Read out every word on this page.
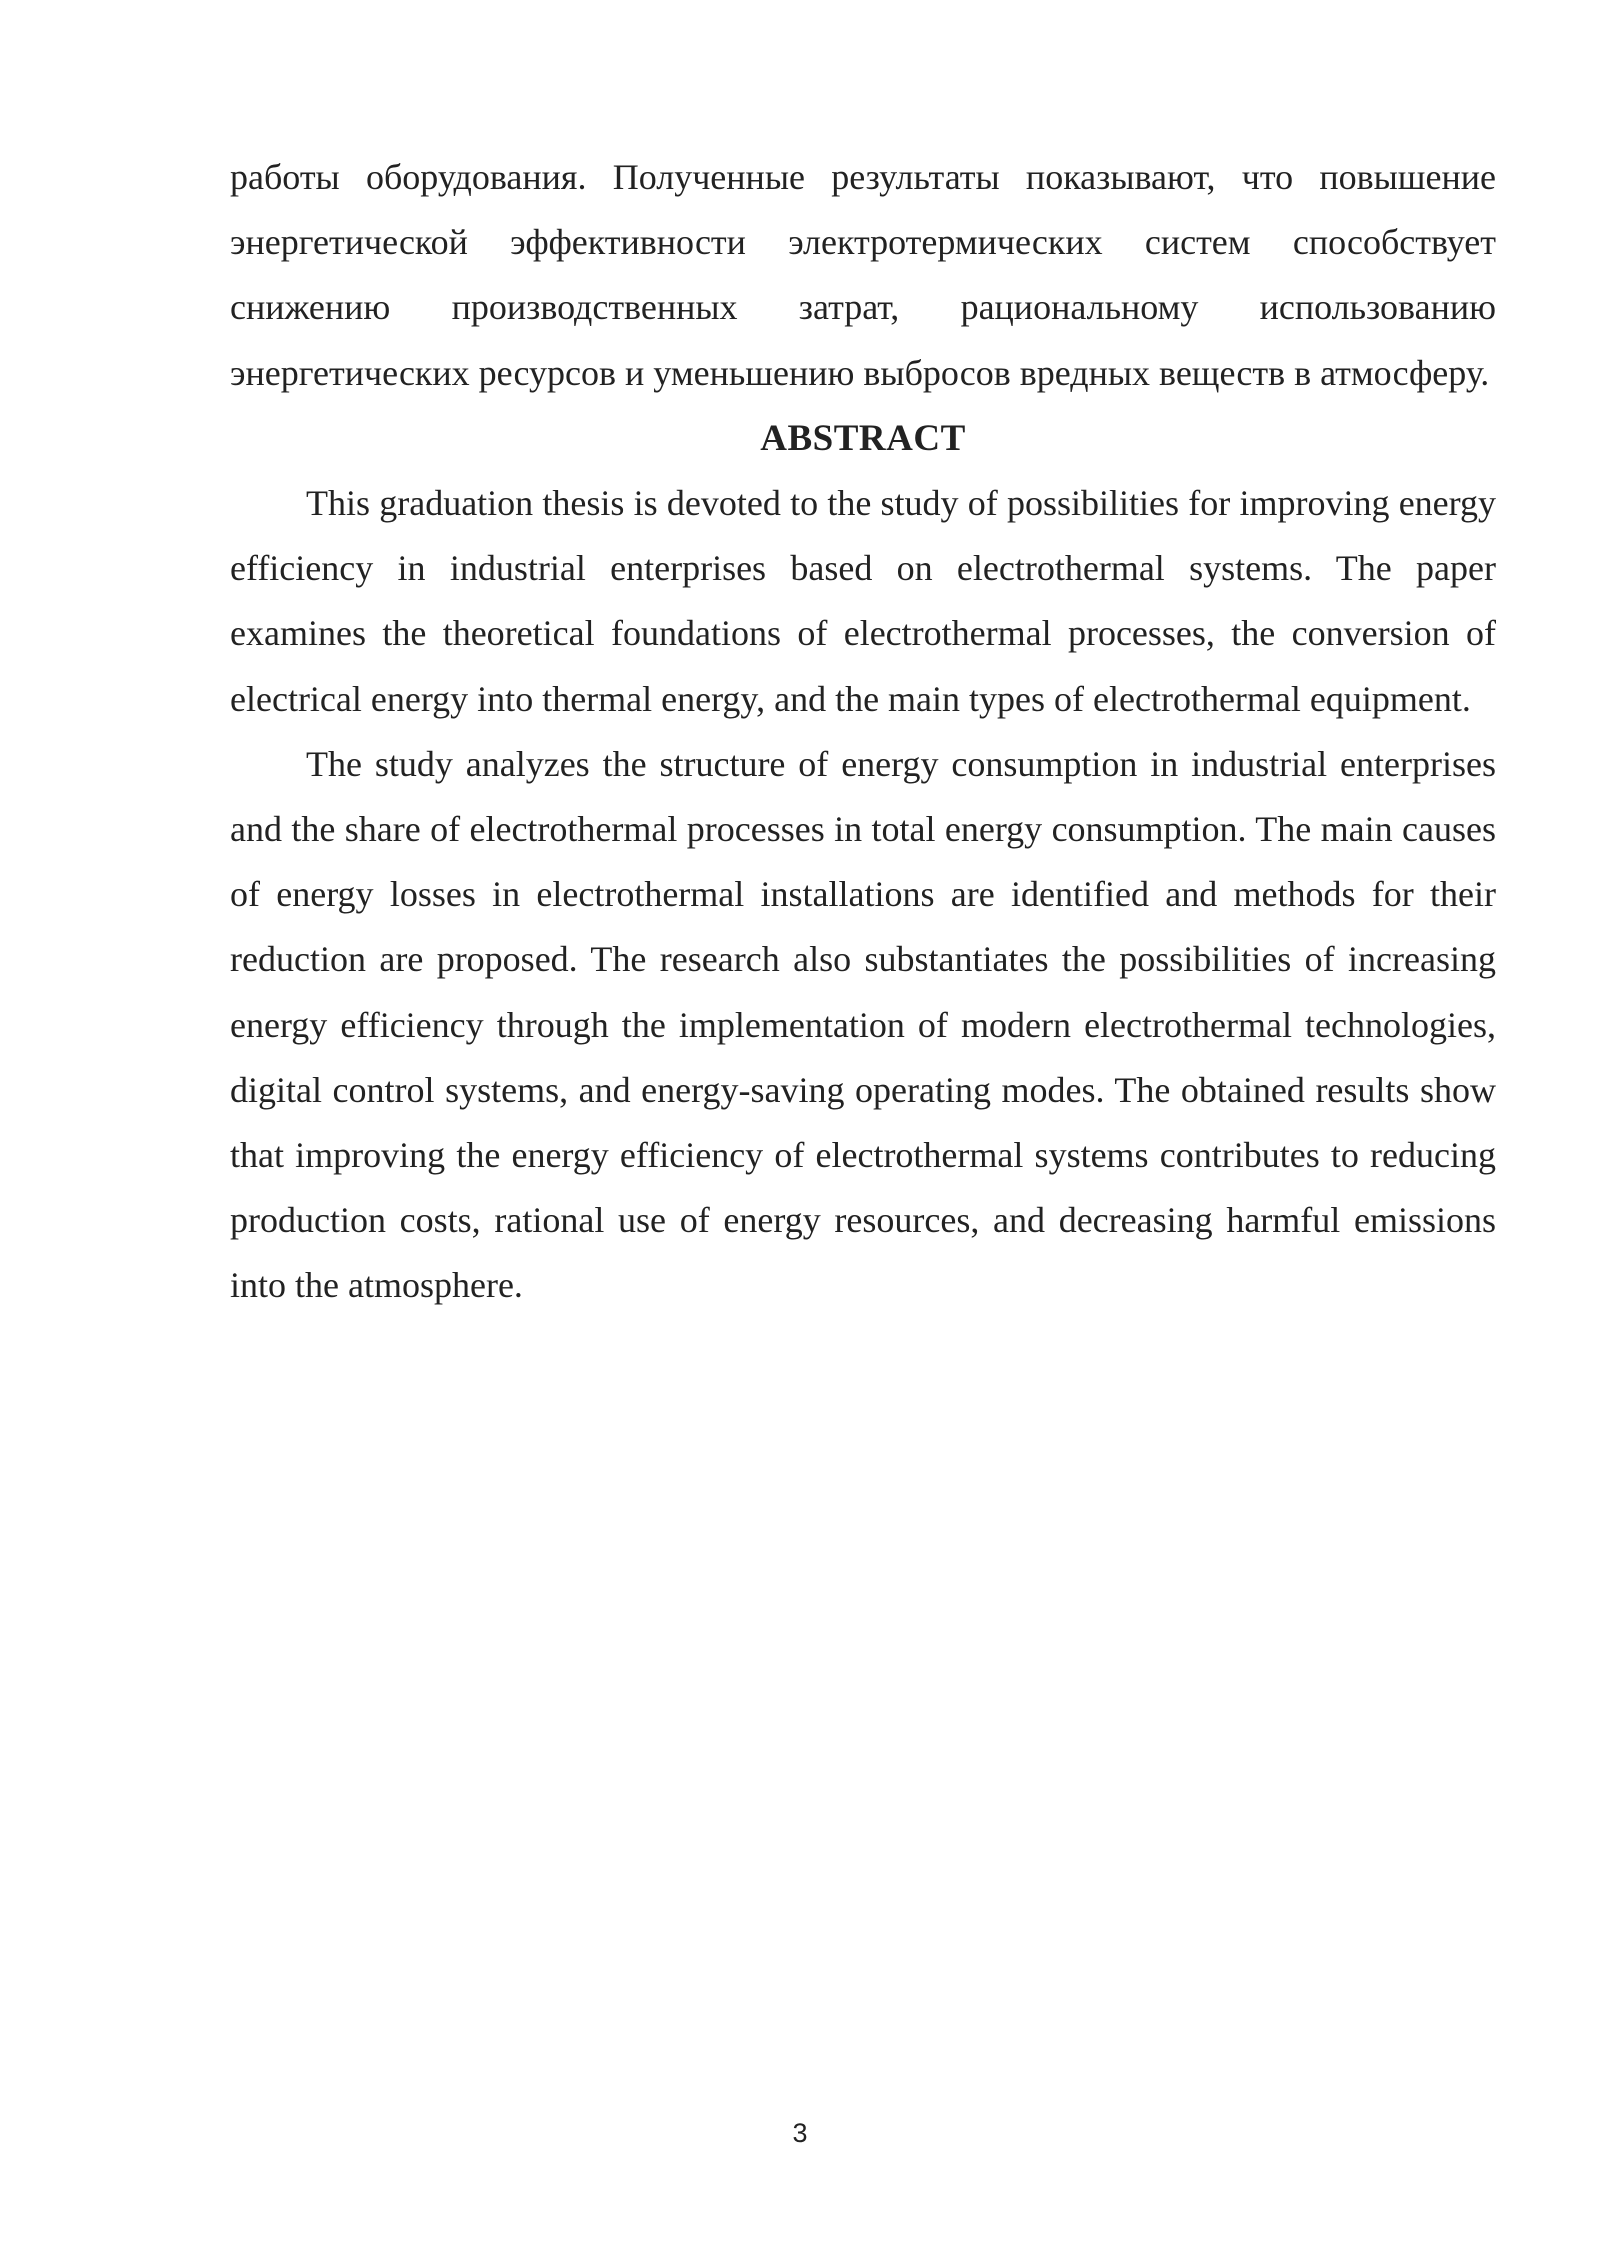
работы оборудования. Полученные результаты показывают, что повышение энергетической эффективности электротермических систем способствует снижению производственных затрат, рациональному использованию энергетических ресурсов и уменьшению выбросов вредных веществ в атмосферу.

ABSTRACT

This graduation thesis is devoted to the study of possibilities for improving energy efficiency in industrial enterprises based on electrothermal systems. The paper examines the theoretical foundations of electrothermal processes, the conversion of electrical energy into thermal energy, and the main types of electrothermal equipment.

The study analyzes the structure of energy consumption in industrial enterprises and the share of electrothermal processes in total energy consumption. The main causes of energy losses in electrothermal installations are identified and methods for their reduction are proposed. The research also substantiates the possibilities of increasing energy efficiency through the implementation of modern electrothermal technologies, digital control systems, and energy-saving operating modes. The obtained results show that improving the energy efficiency of electrothermal systems contributes to reducing production costs, rational use of energy resources, and decreasing harmful emissions into the atmosphere.

3
